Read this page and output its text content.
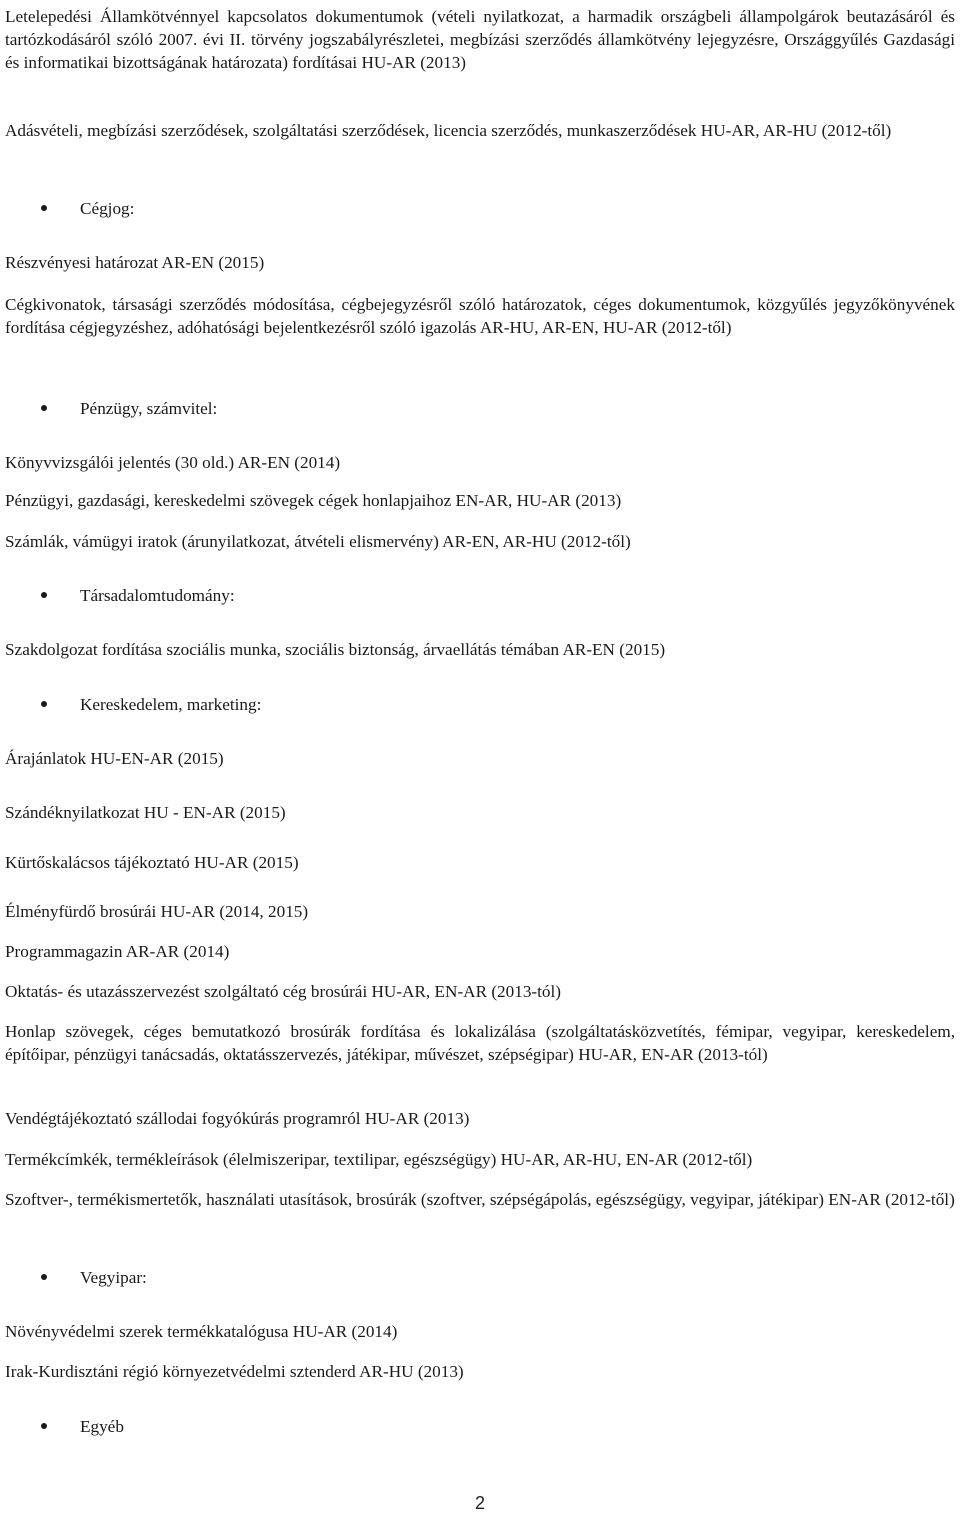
Letelepedési Államkötvénnyel kapcsolatos dokumentumok (vételi nyilatkozat, a harmadik országbeli állampolgárok beutazásáról és tartózkodásáról szóló 2007. évi II. törvény jogszabályrészletei, megbízási szerződés államkötvény lejegyzésre, Országgyűlés Gazdasági és informatikai bizottságának határozata) fordításai HU-AR (2013)

Adásvételi, megbízási szerződések, szolgáltatási szerződések, licencia szerződés, munkaszerződések HU-AR, AR-HU (2012-től)

Cégjog:

Részvényesi határozat AR-EN (2015)

Cégkivonatok, társasági szerződés módosítása, cégbejegyzésről szóló határozatok, céges dokumentumok, közgyűlés jegyzőkönyvének fordítása cégjegyzéshez, adóhatósági bejelentkezésről szóló igazolás AR-HU, AR-EN, HU-AR (2012-től)

Pénzügy, számvitel:

Könyvvizsgálói jelentés (30 old.) AR-EN (2014)

Pénzügyi, gazdasági, kereskedelmi szövegek cégek honlapjaihoz EN-AR, HU-AR (2013)

Számlák, vámügyi iratok (árunyilatkozat, átvételi elismervény) AR-EN, AR-HU (2012-től)

Társadalomtudomány:

Szakdolgozat fordítása szociális munka, szociális biztonság, árvaellátás témában AR-EN (2015)

Kereskedelem, marketing:

Árajánlatok HU-EN-AR (2015)

Szándéknyilatkozat HU - EN-AR (2015)

Kürtőskalácsos tájékoztató HU-AR (2015)

Élményfürdő brosúrái HU-AR (2014, 2015)

Programmagazin AR-AR (2014)

Oktatás- és utazásszervezést szolgáltató cég brosúrái HU-AR, EN-AR (2013-tól)

Honlap szövegek, céges bemutatkozó brosúrák fordítása és lokalizálása (szolgáltatásközvetítés, fémipar, vegyipar, kereskedelem, építőipar, pénzügyi tanácsadás, oktatásszervezés, játékipar, művészet, szépségipar) HU-AR, EN-AR (2013-tól)

Vendégtájékoztató szállodai fogyókúrás programról HU-AR (2013)

Termékcímkék, termékleírások (élelmiszeripar, textilipar, egészségügy) HU-AR, AR-HU, EN-AR (2012-től)

Szoftver-, termékismertetők, használati utasítások, brosúrák (szoftver, szépségápolás, egészségügy, vegyipar, játékipar) EN-AR (2012-től)

Vegyipar:

Növényvédelmi szerek termékkatalógusa HU-AR (2014)

Irak-Kurdisztáni régió környezetvédelmi sztenderd AR-HU (2013)

Egyéb
2
